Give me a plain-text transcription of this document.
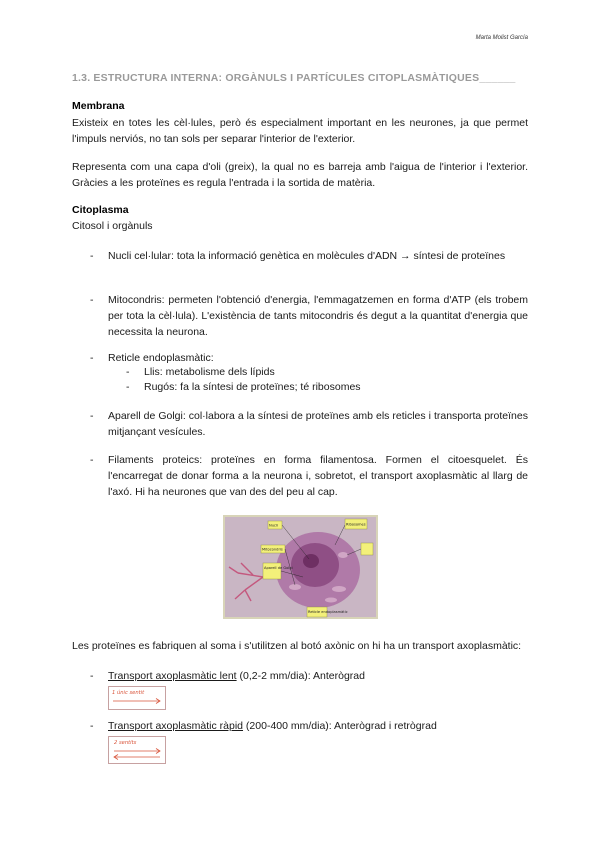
Marta Molist García
1.3. ESTRUCTURA INTERNA: ORGÀNULS I PARTÍCULES CITOPLASMÀTIQUES______
Membrana
Existeix en totes les cèl·lules, però és especialment important en les neurones, ja que permet l'impuls nerviós, no tan sols per separar l'interior de l'exterior.
Representa com una capa d'oli (greix), la qual no es barreja amb l'aigua de l'interior i l'exterior. Gràcies a les proteïnes es regula l'entrada i la sortida de matèria.
Citoplasma
Citosol i orgànuls
- Nucli cel·lular: tota la informació genètica en molècules d'ADN → síntesi de proteïnes
- Mitocondris: permeten l'obtenció d'energia, l'emmagatzemen en forma d'ATP (els trobem per tota la cèl·lula). L'existència de tants mitocondris és degut a la quantitat d'energia que necessita la neurona.
- Reticle endoplasmàtic:
- Llis: metabolisme dels lípids
- Rugós: fa la síntesi de proteïnes; té ribosomes
- Aparell de Golgi: col·labora a la síntesi de proteïnes amb els reticles i transporta proteïnes mitjançant vesícules.
- Filaments proteics: proteïnes en forma filamentosa. Formen el citoesquelet. És l'encarregat de donar forma a la neurona i, sobretot, el transport axoplasmàtic al llarg de l'axó. Hi ha neurones que van des del peu al cap.
Nucli	Ribosomes
Mitocondris
Aparell de Golgi
Reticle endoplasmàtic
Les proteïnes es fabriquen al soma i s'utilitzen al botó axònic on hi ha un transport axoplasmàtic:
- Transport axoplasmàtic lent (0,2-2 mm/dia): Anterògrad
1 únic sentit
- Transport axoplasmàtic ràpid (200-400 mm/dia): Anterògrad i retrògrad
2 sentits
